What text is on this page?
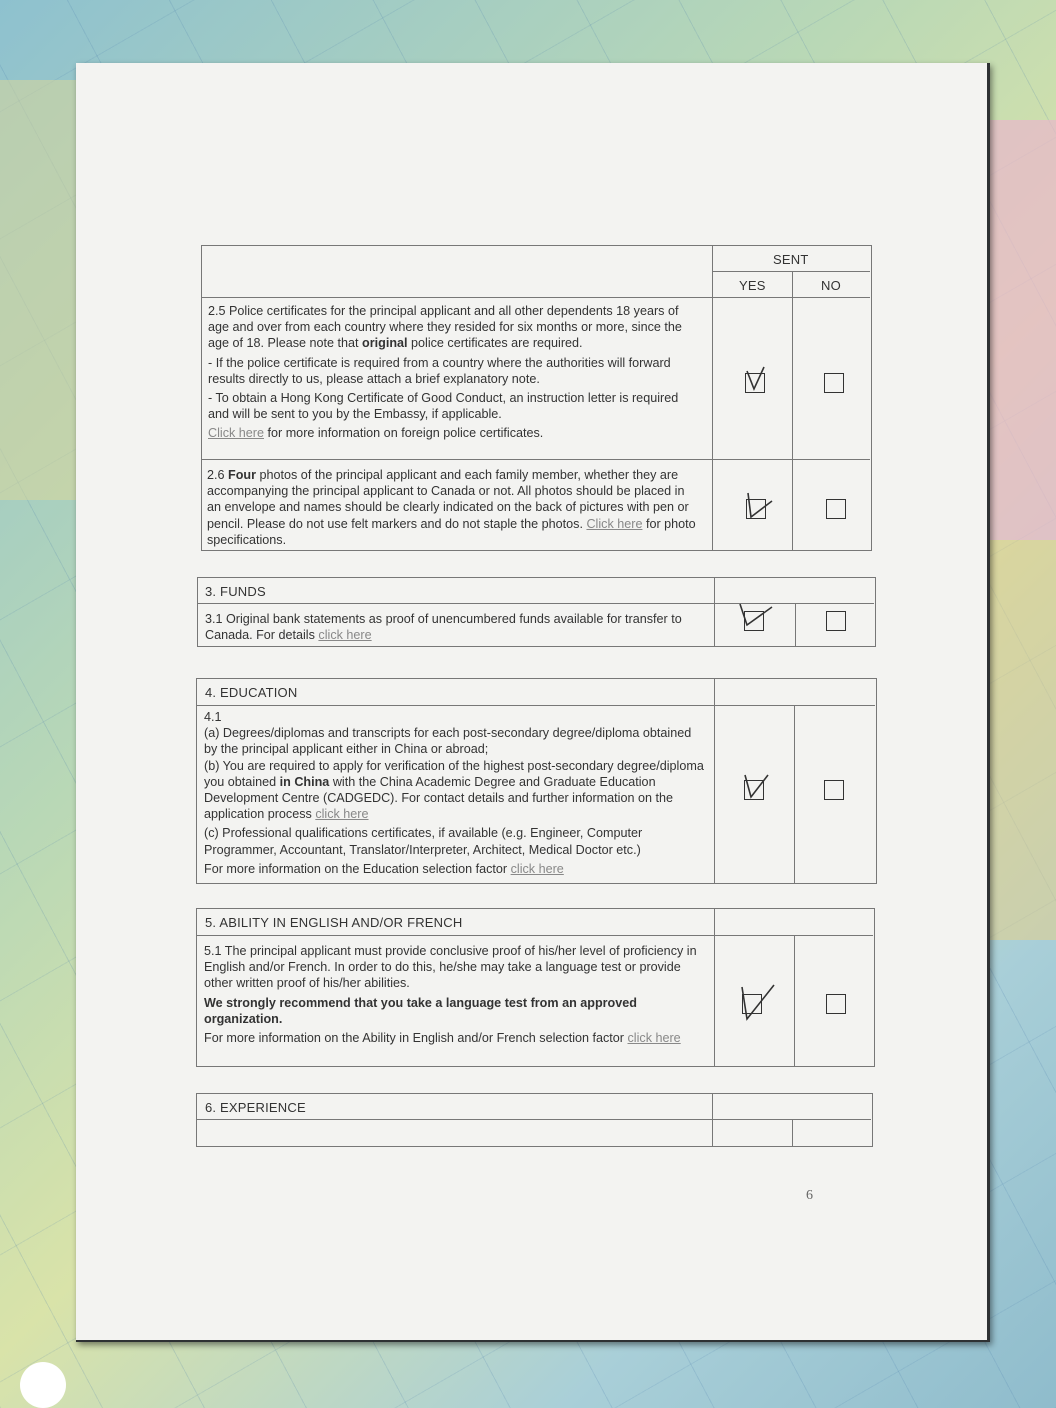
SENT
YES	NO

2.5 Police certificates for the principal applicant and all other dependents 18 years of age and over from each country where they resided for six months or more, since the age of 18. Please note that original police certificates are required.

- If the police certificate is required from a country where the authorities will forward results directly to us, please attach a brief explanatory note.

- To obtain a Hong Kong Certificate of Good Conduct, an instruction letter is required and will be sent to you by the Embassy, if applicable.

Click here for more information on foreign police certificates.

2.6 Four photos of the principal applicant and each family member, whether they are accompanying the principal applicant to Canada or not. All photos should be placed in an envelope and names should be clearly indicated on the back of pictures with pen or pencil. Please do not use felt markers and do not staple the photos. Click here for photo specifications.

3. FUNDS

3.1 Original bank statements as proof of unencumbered funds available for transfer to Canada. For details click here

4. EDUCATION

4.1

(a) Degrees/diplomas and transcripts for each post-secondary degree/diploma obtained by the principal applicant either in China or abroad;

(b) You are required to apply for verification of the highest post-secondary degree/diploma you obtained in China with the China Academic Degree and Graduate Education Development Centre (CADGEDC). For contact details and further information on the application process click here

(c) Professional qualifications certificates, if available (e.g. Engineer, Computer Programmer, Accountant, Translator/Interpreter, Architect, Medical Doctor etc.)

For more information on the Education selection factor click here

5. ABILITY IN ENGLISH AND/OR FRENCH

5.1 The principal applicant must provide conclusive proof of his/her level of proficiency in English and/or French. In order to do this, he/she may take a language test or provide other written proof of his/her abilities.

We strongly recommend that you take a language test from an approved organization.

For more information on the Ability in English and/or French selection factor click here

6. EXPERIENCE
6
